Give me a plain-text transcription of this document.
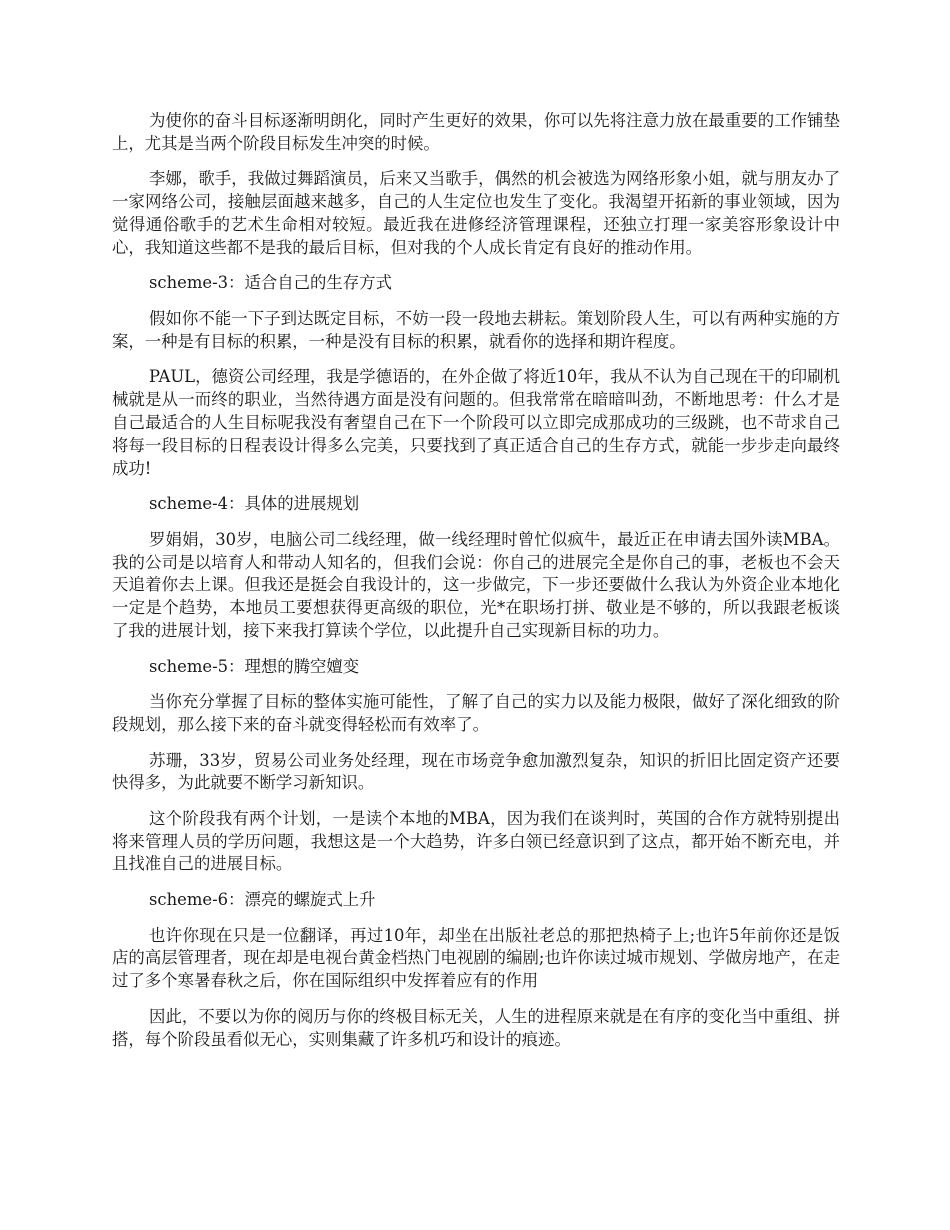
为使你的奋斗目标逐渐明朗化，同时产生更好的效果，你可以先将注意力放在最重要的工作铺垫上，尤其是当两个阶段目标发生冲突的时候。

李娜，歌手，我做过舞蹈演员，后来又当歌手，偶然的机会被选为网络形象小姐，就与朋友办了一家网络公司，接触层面越来越多，自己的人生定位也发生了变化。我渴望开拓新的事业领域，因为觉得通俗歌手的艺术生命相对较短。最近我在进修经济管理课程，还独立打理一家美容形象设计中心，我知道这些都不是我的最后目标，但对我的个人成长肯定有良好的推动作用。

scheme-3：适合自己的生存方式

假如你不能一下子到达既定目标，不妨一段一段地去耕耘。策划阶段人生，可以有两种实施的方案，一种是有目标的积累，一种是没有目标的积累，就看你的选择和期许程度。

PAUL，德资公司经理，我是学德语的，在外企做了将近10年，我从不认为自己现在干的印刷机械就是从一而终的职业，当然待遇方面是没有问题的。但我常常在暗暗叫劲，不断地思考：什么才是自己最适合的人生目标呢我没有奢望自己在下一个阶段可以立即完成那成功的三级跳，也不苛求自己将每一段目标的日程表设计得多么完美，只要找到了真正适合自己的生存方式，就能一步步走向最终成功!

scheme-4：具体的进展规划

罗娟娟，30岁，电脑公司二线经理，做一线经理时曾忙似疯牛，最近正在申请去国外读MBA。我的公司是以培育人和带动人知名的，但我们会说：你自己的进展完全是你自己的事，老板也不会天天追着你去上课。但我还是挺会自我设计的，这一步做完，下一步还要做什么我认为外资企业本地化一定是个趋势，本地员工要想获得更高级的职位，光*在职场打拼、敬业是不够的，所以我跟老板谈了我的进展计划，接下来我打算读个学位，以此提升自己实现新目标的功力。

scheme-5：理想的腾空嬗变

当你充分掌握了目标的整体实施可能性，了解了自己的实力以及能力极限，做好了深化细致的阶段规划，那么接下来的奋斗就变得轻松而有效率了。

苏珊，33岁，贸易公司业务处经理，现在市场竞争愈加激烈复杂，知识的折旧比固定资产还要快得多，为此就要不断学习新知识。

这个阶段我有两个计划，一是读个本地的MBA，因为我们在谈判时，英国的合作方就特别提出将来管理人员的学历问题，我想这是一个大趋势，许多白领已经意识到了这点，都开始不断充电，并且找准自己的进展目标。

scheme-6：漂亮的螺旋式上升

也许你现在只是一位翻译，再过10年，却坐在出版社老总的那把热椅子上;也许5年前你还是饭店的高层管理者，现在却是电视台黄金档热门电视剧的编剧;也许你读过城市规划、学做房地产，在走过了多个寒暑春秋之后，你在国际组织中发挥着应有的作用

因此，不要以为你的阅历与你的终极目标无关，人生的进程原来就是在有序的变化当中重组、拼搭，每个阶段虽看似无心，实则集藏了许多机巧和设计的痕迹。
